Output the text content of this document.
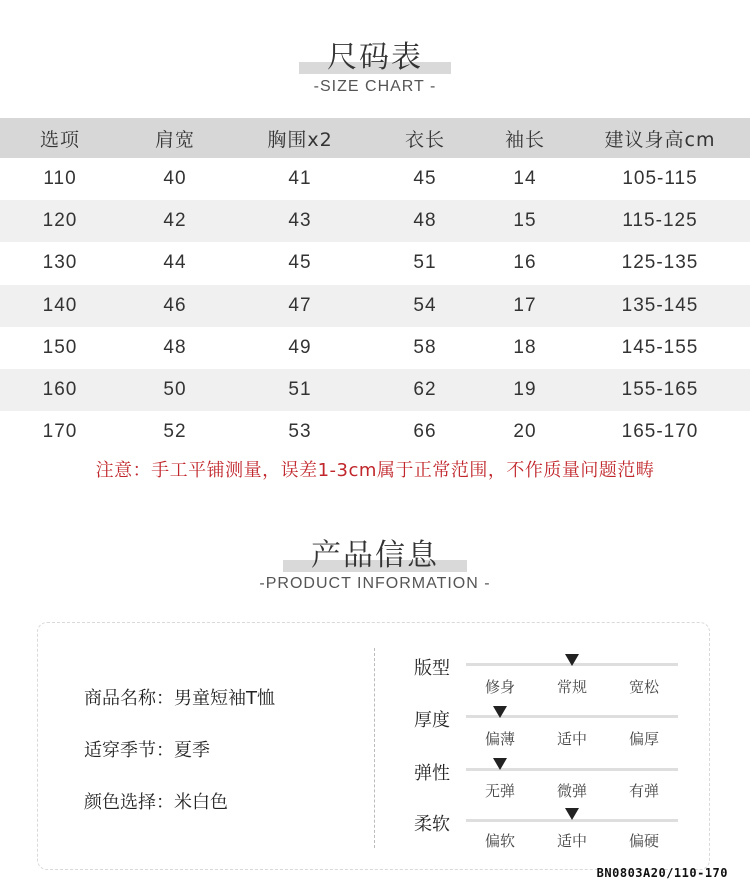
尺码表
-SIZE CHART -
选项	肩宽	胸围x2	衣长	袖长	建议身高cm
110	40	41	45	14	105-115
120	42	43	48	15	115-125
130	44	45	51	16	125-135
140	46	47	54	17	135-145
150	48	49	58	18	145-155
160	50	51	62	19	155-165
170	52	53	66	20	165-170
注意：手工平铺测量，误差1-3cm属于正常范围，不作质量问题范畴
产品信息
-PRODUCT INFORMATION -
商品名称：男童短袖T恤
适穿季节：夏季
颜色选择：米白色
版型
修身	常规	宽松
厚度
偏薄	适中	偏厚
弹性
无弹	微弹	有弹
柔软
偏软	适中	偏硬
BN0803A20/110-170
